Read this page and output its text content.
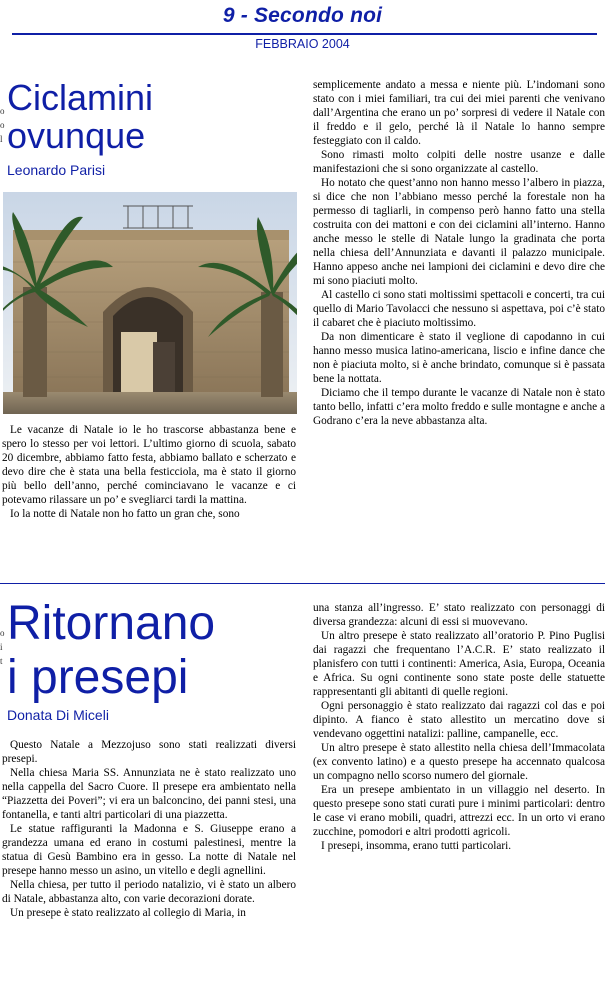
9 - Secondo noi
FEBBRAIO 2004
o
o
l
o
i
t
Ciclamini
ovunque
Leonardo Parisi

Le vacanze di Natale io le ho trascorse abbastanza bene e spero lo stesso per voi lettori. L’ultimo giorno di scuola, sabato 20 dicembre, abbiamo fatto festa, abbiamo ballato e scherzato e devo dire che è stata una bella festicciola, ma è stato il giorno più bello dell’anno, perché cominciavano le vacanze e ci potevamo rilassare un po’ e svegliarci tardi la mattina.

Io la notte di Natale non ho fatto un gran che, sono

semplicemente andato a messa e niente più. L’indomani sono stato con i miei familiari, tra cui dei miei parenti che venivano dall’Argentina che erano un po’ sorpresi di vedere il Natale con il freddo e il gelo, perché là il Natale lo hanno sempre festeggiato con il caldo.

Sono rimasti molto colpiti delle nostre usanze e dalle manifestazioni che si sono organizzate al castello.

Ho notato che quest’anno non hanno messo l’albero in piazza, si dice che non l’abbiano messo perché la forestale non ha permesso di tagliarli, in compenso però hanno fatto una stella costruita con dei mattoni e con dei ciclamini all’interno. Hanno anche messo le stelle di Natale lungo la gradinata che porta nella chiesa dell’Annunziata e davanti il palazzo municipale. Hanno appeso anche nei lampioni dei ciclamini e devo dire che mi sono piaciuti molto.

Al castello ci sono stati moltissimi spettacoli e concerti, tra cui quello di Mario Tavolacci che nessuno si aspettava, poi c’è stato il cabaret che è piaciuto moltissimo.

Da non dimenticare è stato il veglione di capodanno in cui hanno messo musica latino-americana, liscio e infine dance che non è piaciuta molto, si è anche brindato, comunque si è passata bene la nottata.

Diciamo che il tempo durante le vacanze di Natale non è stato tanto bello, infatti c’era molto freddo e sulle montagne e anche a Godrano c’era la neve abbastanza alta.

Ritornano
i presepi
Donata Di Miceli

Questo Natale a Mezzojuso sono stati realizzati diversi presepi.

Nella chiesa Maria SS. Annunziata ne è stato realizzato uno nella cappella del Sacro Cuore. Il presepe era ambientato nella “Piazzetta dei Poveri”; vi era un balconcino, dei panni stesi, una fontanella, e tanti altri particolari di una piazzetta.

Le statue raffiguranti la Madonna e S. Giuseppe erano a grandezza umana ed erano in costumi palestinesi, mentre la statua di Gesù Bambino era in gesso. La notte di Natale nel presepe hanno messo un asino, un vitello e degli agnellini.

Nella chiesa, per tutto il periodo natalizio, vi è stato un albero di Natale, abbastanza alto, con varie decorazioni dorate.

Un presepe è stato realizzato al collegio di Maria, in

una stanza all’ingresso. E’ stato realizzato con personaggi di diversa grandezza: alcuni di essi si muovevano.

Un altro presepe è stato realizzato all’oratorio P. Pino Puglisi dai ragazzi che frequentano l’A.C.R. E’ stato realizzato il planisfero con tutti i continenti: America, Asia, Europa, Oceania e Africa. Su ogni continente sono state poste delle statuette rappresentanti gli abitanti di quelle regioni.

Ogni personaggio è stato realizzato dai ragazzi col das e poi dipinto. A fianco è stato allestito un mercatino dove si vendevano oggettini natalizi: palline, campanelle, ecc.

Un altro presepe è stato allestito nella chiesa dell’Immacolata (ex convento latino) e a questo presepe ha accennato qualcosa un compagno nello scorso numero del giornale.

Era un presepe ambientato in un villaggio nel deserto. In questo presepe sono stati curati pure i minimi particolari: dentro le case vi erano mobili, quadri, attrezzi ecc. In un orto vi erano zucchine, pomodori e altri prodotti agricoli.

I presepi, insomma, erano tutti particolari.
